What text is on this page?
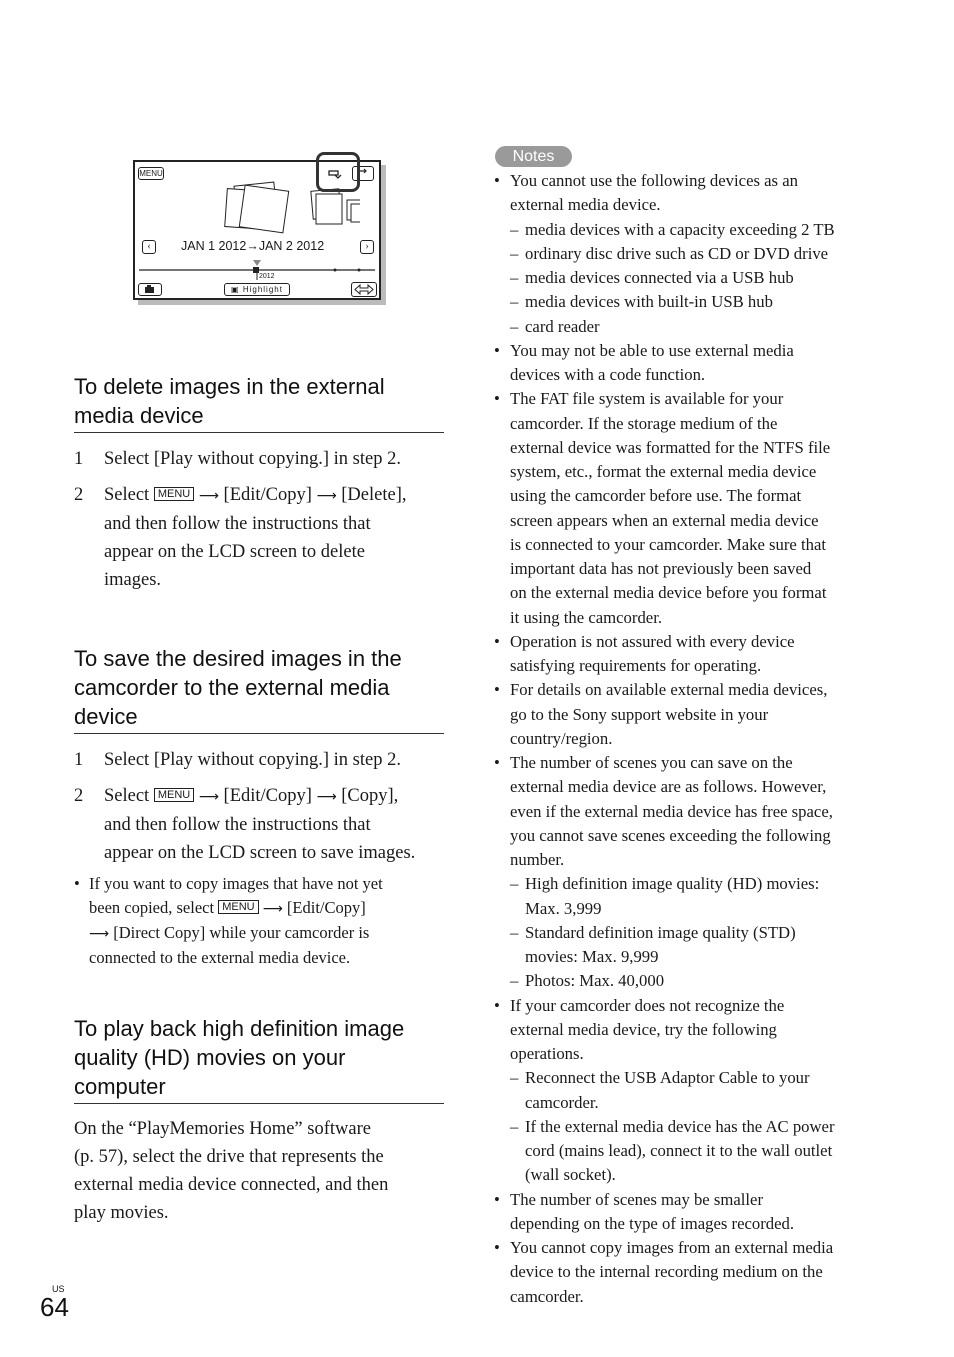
MENU
‹	JAN 1 2012→JAN 2 2012	›
2012
▣ Highlight
To delete images in the external
media device
1 Select [Play without copying.] in step 2.
2 Select MENU ⟶ [Edit/Copy] ⟶ [Delete],
and then follow the instructions that
appear on the LCD screen to delete
images.
To save the desired images in the
camcorder to the external media
device
1 Select [Play without copying.] in step 2.
2 Select MENU ⟶ [Edit/Copy] ⟶ [Copy],
and then follow the instructions that
appear on the LCD screen to save images.
• If you want to copy images that have not yet
been copied, select MENU ⟶ [Edit/Copy]
⟶ [Direct Copy] while your camcorder is
connected to the external media device.
To play back high definition image
quality (HD) movies on your
computer
On the “PlayMemories Home” software
(p. 57), select the drive that represents the
external media device connected, and then
play movies.
Notes
• You cannot use the following devices as an
external media device.
– media devices with a capacity exceeding 2 TB
– ordinary disc drive such as CD or DVD drive
– media devices connected via a USB hub
– media devices with built-in USB hub
– card reader
• You may not be able to use external media
devices with a code function.
• The FAT file system is available for your
camcorder. If the storage medium of the
external device was formatted for the NTFS file
system, etc., format the external media device
using the camcorder before use. The format
screen appears when an external media device
is connected to your camcorder. Make sure that
important data has not previously been saved
on the external media device before you format
it using the camcorder.
• Operation is not assured with every device
satisfying requirements for operating.
• For details on available external media devices,
go to the Sony support website in your
country/region.
• The number of scenes you can save on the
external media device are as follows. However,
even if the external media device has free space,
you cannot save scenes exceeding the following
number.
– High definition image quality (HD) movies:
Max. 3,999
– Standard definition image quality (STD)
movies: Max. 9,999
– Photos: Max. 40,000
• If your camcorder does not recognize the
external media device, try the following
operations.
– Reconnect the USB Adaptor Cable to your
camcorder.
– If the external media device has the AC power
cord (mains lead), connect it to the wall outlet
(wall socket).
• The number of scenes may be smaller
depending on the type of images recorded.
• You cannot copy images from an external media
device to the internal recording medium on the
camcorder.
US
64
